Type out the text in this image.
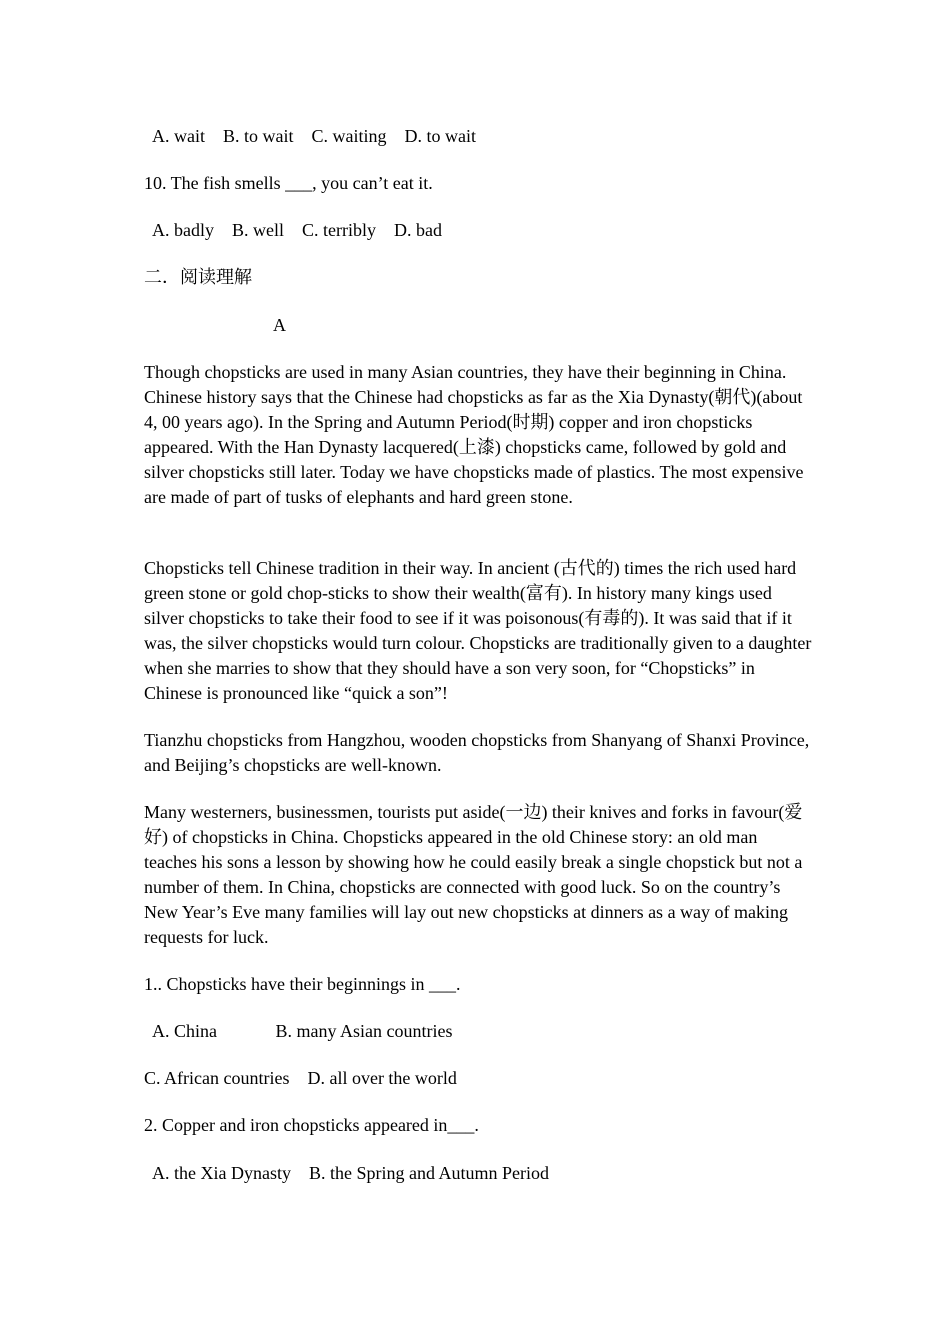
A. wait    B. to wait    C. waiting    D. to wait
10. The fish smells ___, you can’t eat it.
A. badly    B. well    C. terribly    D. bad
二．阅读理解
A
Though chopsticks are used in many Asian countries, they have their beginning in China. Chinese history says that the Chinese had chopsticks as far as the Xia Dynasty(朝代)(about 4, 00 years ago). In the Spring and Autumn Period(时期) copper and iron chopsticks appeared. With the Han Dynasty lacquered(上漆) chopsticks came, followed by gold and silver chopsticks still later. Today we have chopsticks made of plastics. The most expensive are made of part of tusks of elephants and hard green stone.
Chopsticks tell Chinese tradition in their way. In ancient (古代的) times the rich used hard green stone or gold chop-sticks to show their wealth(富有). In history many kings used silver chopsticks to take their food to see if it was poisonous(有毒的). It was said that if it was, the silver chopsticks would turn colour. Chopsticks are traditionally given to a daughter when she marries to show that they should have a son very soon, for “Chopsticks” in Chinese is pronounced like “quick a son”!
Tianzhu chopsticks from Hangzhou, wooden chopsticks from Shanyang of Shanxi Province, and Beijing’s chopsticks are well-known.
Many westerners, businessmen, tourists put aside(一边) their knives and forks in favour(爱好) of chopsticks in China. Chopsticks appeared in the old Chinese story: an old man teaches his sons a lesson by showing how he could easily break a single chopstick but not a number of them. In China, chopsticks are connected with good luck. So on the country’s New Year’s Eve many families will lay out new chopsticks at dinners as a way of making requests for luck.
1.. Chopsticks have their beginnings in ___.
A. China             B. many Asian countries
C. African countries    D. all over the world
2. Copper and iron chopsticks appeared in___.
A. the Xia Dynasty    B. the Spring and Autumn Period
